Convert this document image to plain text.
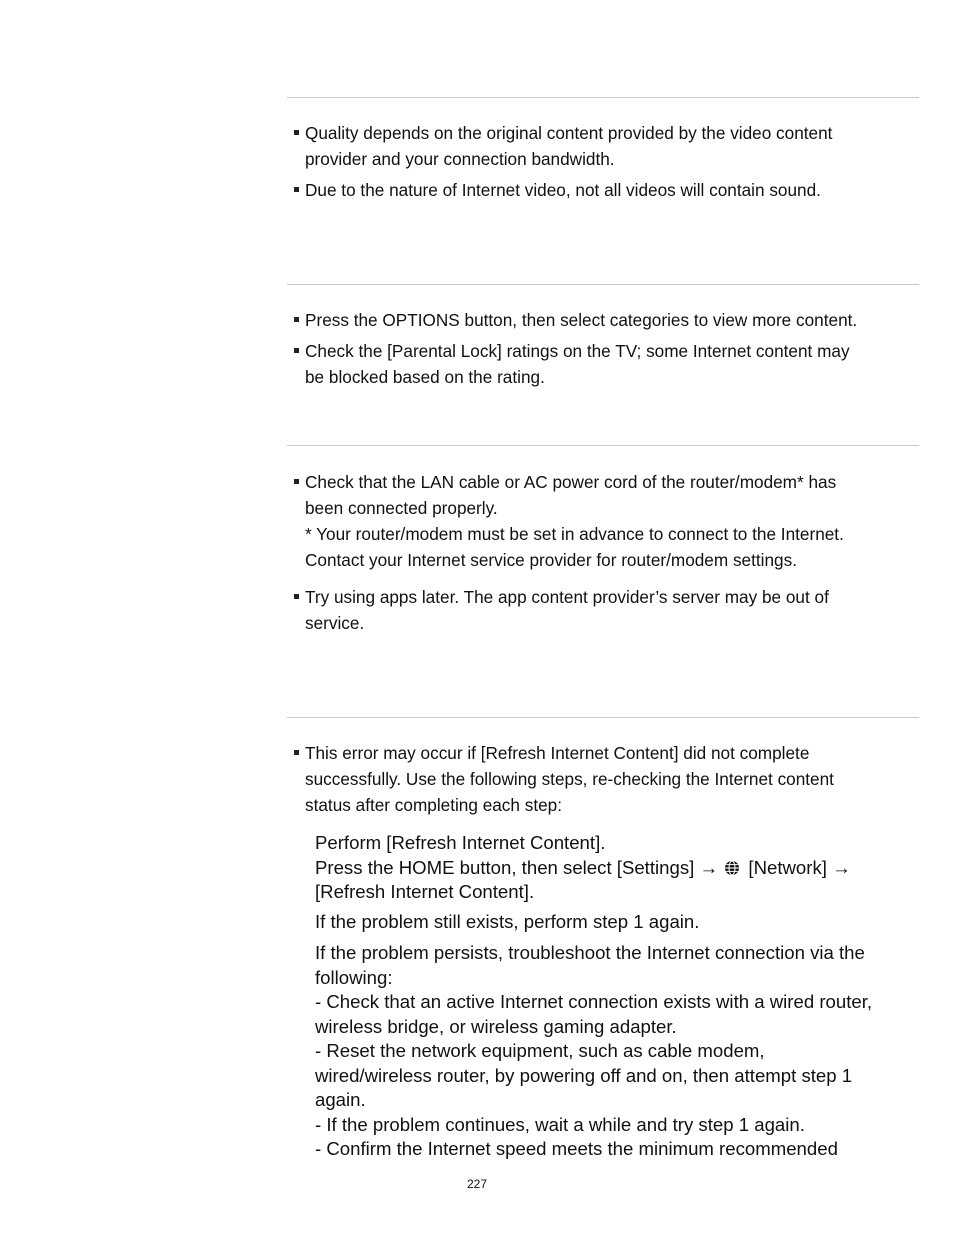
Quality depends on the original content provided by the video content
provider and your connection bandwidth.
Due to the nature of Internet video, not all videos will contain sound.
Press the OPTIONS button, then select categories to view more content.
Check the [Parental Lock] ratings on the TV; some Internet content may
be blocked based on the rating.
Check that the LAN cable or AC power cord of the router/modem* has
been connected properly.
* Your router/modem must be set in advance to connect to the Internet.
Contact your Internet service provider for router/modem settings.
Try using apps later. The app content provider’s server may be out of
service.
This error may occur if [Refresh Internet Content] did not complete
successfully. Use the following steps, re-checking the Internet content
status after completing each step:
Perform [Refresh Internet Content].
Press the HOME button, then select [Settings] → [Network] →
[Refresh Internet Content].
If the problem still exists, perform step 1 again.
If the problem persists, troubleshoot the Internet connection via the
following:
- Check that an active Internet connection exists with a wired router,
wireless bridge, or wireless gaming adapter.
- Reset the network equipment, such as cable modem,
wired/wireless router, by powering off and on, then attempt step 1
again.
- If the problem continues, wait a while and try step 1 again.
- Confirm the Internet speed meets the minimum recommended
227
